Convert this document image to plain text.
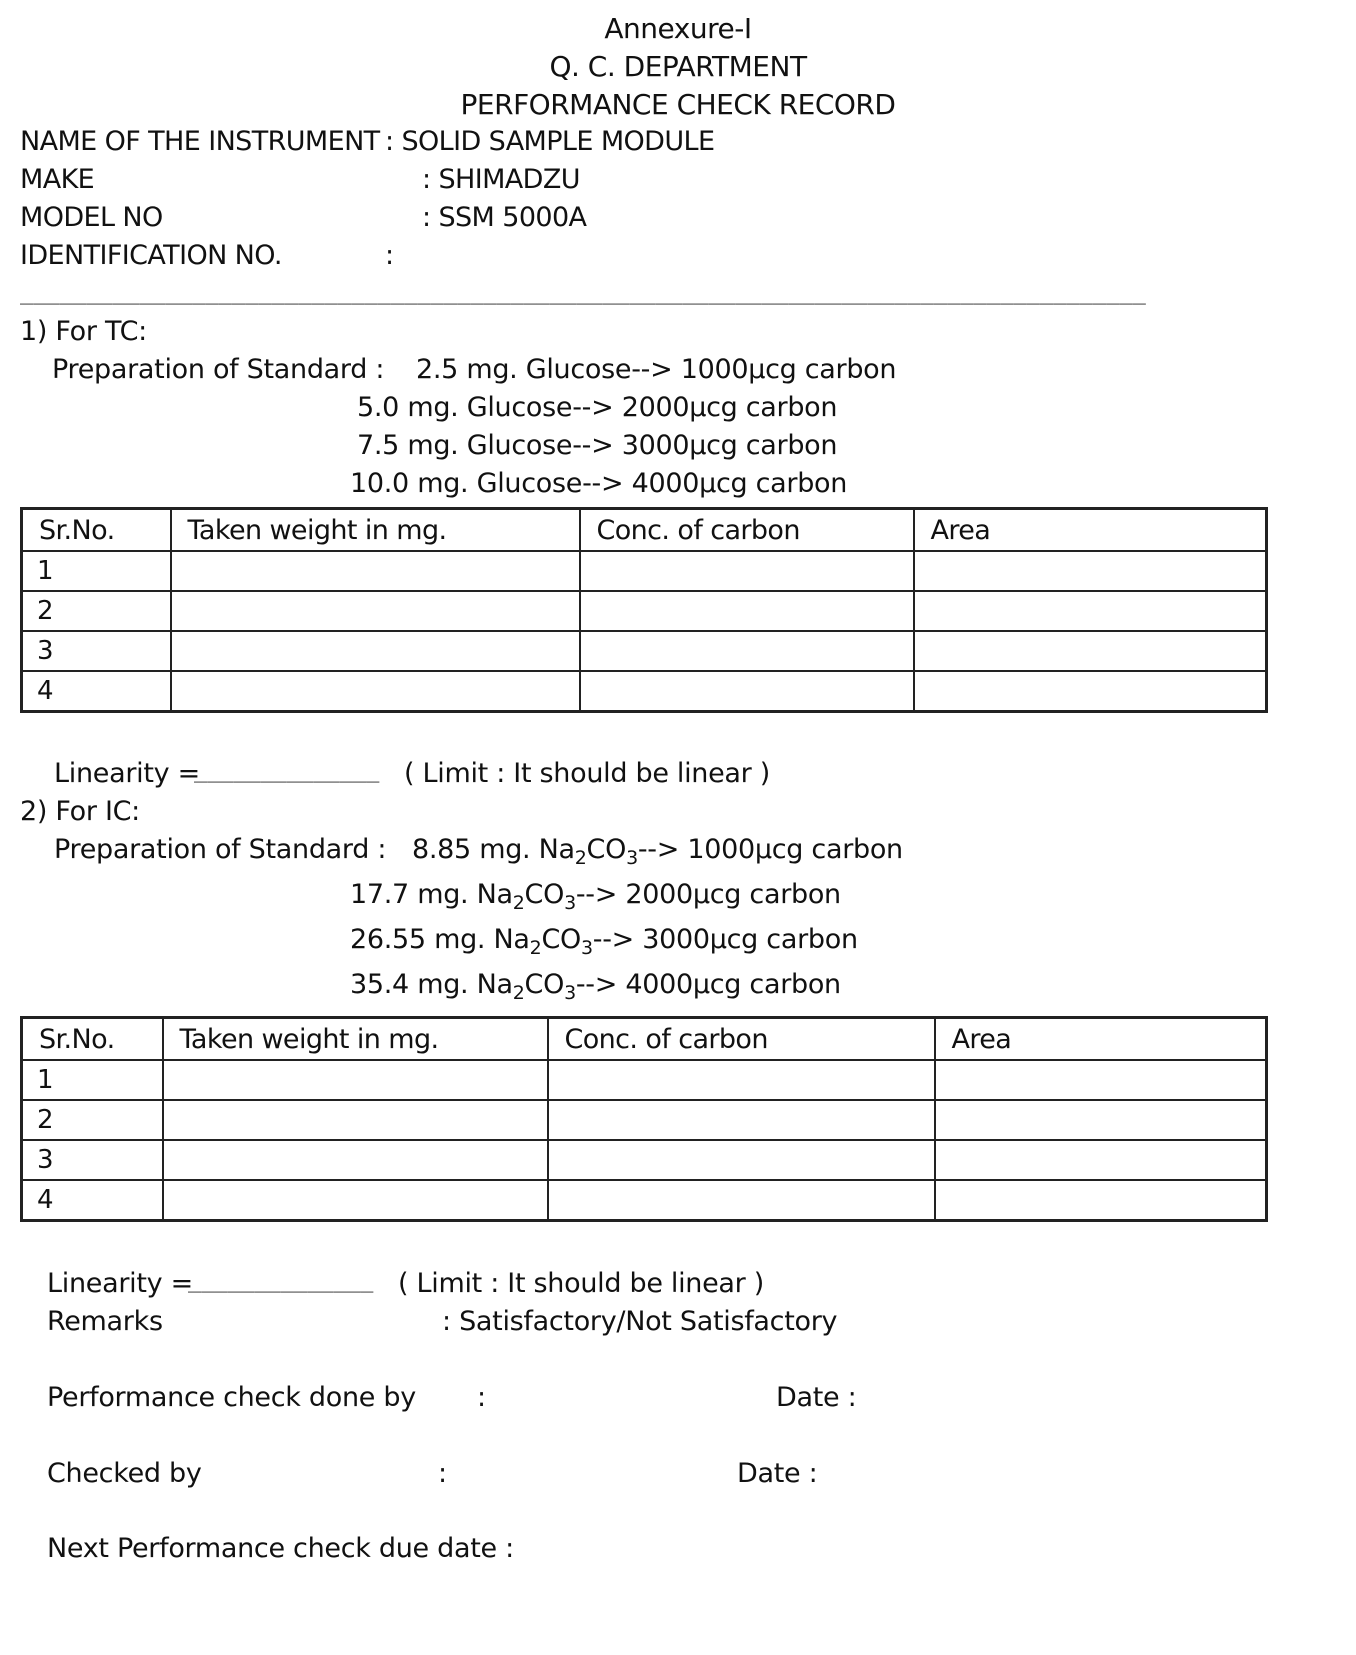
Annexure-I
Q. C. DEPARTMENT
PERFORMANCE CHECK RECORD
NAME OF THE INSTRUMENT : SOLID SAMPLE MODULE
MAKE	: SHIMADZU
MODEL NO	: SSM 5000A
IDENTIFICATION NO.	:
_____________________________________________________________________________________
1) For TC:
Preparation of Standard : 2.5 mg. Glucose--> 1000µcg carbon
5.0 mg. Glucose--> 2000µcg carbon
7.5 mg. Glucose--> 3000µcg carbon
10.0 mg. Glucose--> 4000µcg carbon
Sr.No.	Taken weight in mg.	Conc. of carbon	Area
1			
2			
3			
4			
Linearity =
______________ ( Limit : It should be linear )
2) For IC:
Preparation of Standard : 8.85 mg. $Na_2CO_3--> 1000\mu cg$ carbon
17.7 mg. $Na_2CO_3--> 2000\mu cg$ carbon
26.55 mg. $Na_2CO_3--> 3000\mu cg$ carbon
35.4 mg. $Na_2CO_3--> 4000\mu cg$ carbon
Sr.No.	Taken weight in mg.	Conc. of carbon	Area
1			
2			
3			
4			
Linearity =
______________ ( Limit : It should be linear )
Remarks	: Satisfactory/Not Satisfactory
Performance check done by :	Date :
Checked by	:	Date :
Next Performance check due date :
